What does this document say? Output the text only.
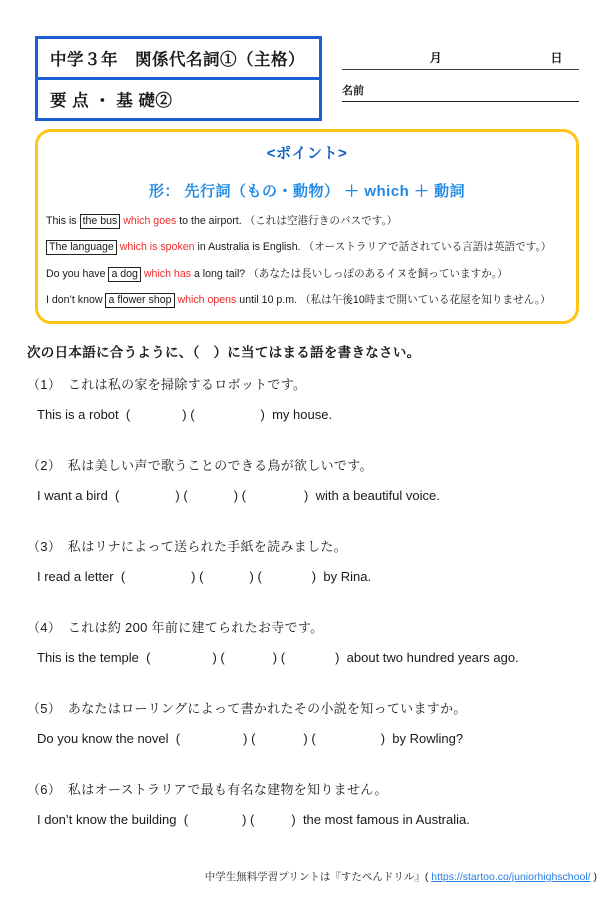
中学３年　関係代名詞①（主格）
要 点 ・ 基 礎②
月	日
名前
<ポイント>
形： 先行詞（もの・動物） ＋ which ＋ 動詞
This is the bus which goes to the airport. （これは空港行きのバスです。）
The language which is spoken in Australia is English. （オーストラリアで話されている言語は英語です。）
Do you have a dog which has a long tail? （あなたは長いしっぽのあるイヌを飼っていますか。）
I don’t know a flower shop which opens until 10 p.m. （私は午後10時まで開いている花屋を知りません。）
次の日本語に合うように、（　）に当てはまる語を書きなさい。
（1）　これは私の家を掃除するロボットです。
This is a robot  (	) (	)  my house.
（2）　私は美しい声で歌うことのできる鳥が欲しいです。
I want a bird  (	) (	) (	)  with a beautiful voice.
（3）　私はリナによって送られた手紙を読みました。
I read a letter  (	) (	) (	)  by Rina.
（4）　これは約 200 年前に建てられたお寺です。
This is the temple  (	) (	) (	)  about two hundred years ago.
（5）　あなたはローリングによって書かれたその小説を知っていますか。
Do you know the novel  (	) (	) (	)  by Rowling?
（6）　私はオーストラリアで最も有名な建物を知りません。
I don’t know the building  (	) (	)  the most famous in Australia.
中学生無料学習プリントは『すたぺんドリル』( https://startoo.co/juniorhighschool/ )
